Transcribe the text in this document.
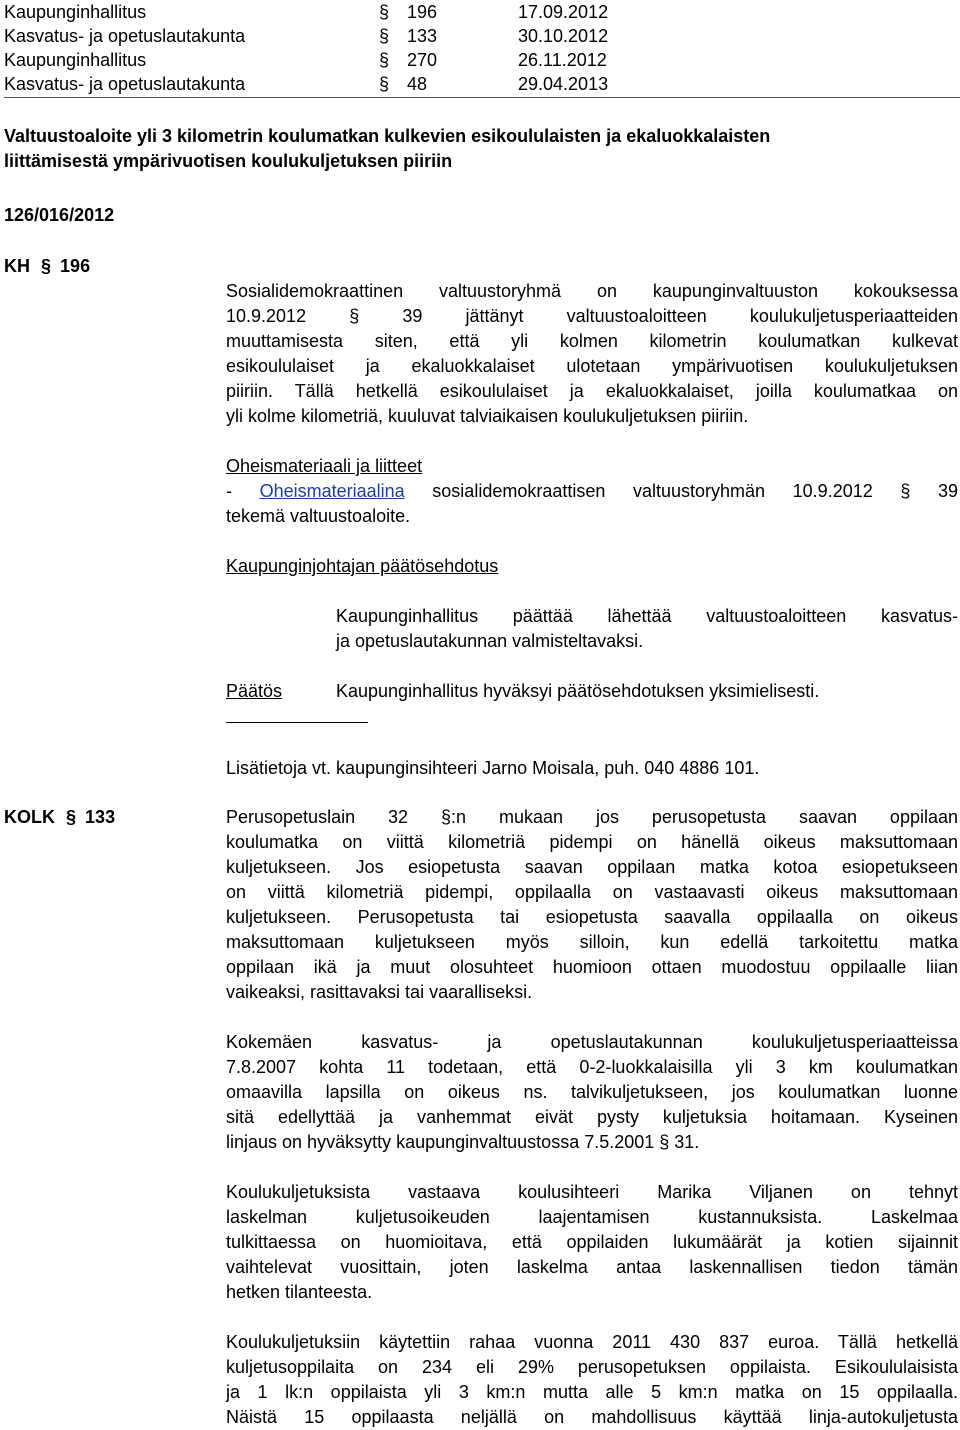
Kaupunginhallitus	§ 196	17.09.2012
Kasvatus- ja opetuslautakunta	§ 133	30.10.2012
Kaupunginhallitus	§ 270	26.11.2012
Kasvatus- ja opetuslautakunta	§ 48	29.04.2013
Valtuustoaloite yli 3 kilometrin koulumatkan kulkevien esikoululaisten ja ekaluokkalaisten
liittämisestä ympärivuotisen koulukuljetuksen piiriin
126/016/2012
KH § 196
Sosialidemokraattinen valtuustoryhmä on kaupunginvaltuuston kokouksessa
10.9.2012 § 39 jättänyt valtuustoaloitteen koulukuljetusperiaatteiden
muuttamisesta siten, että yli kolmen kilometrin koulumatkan kulkevat
esikoululaiset ja ekaluokkalaiset ulotetaan ympärivuotisen koulukuljetuksen
piiriin. Tällä hetkellä esikoululaiset ja ekaluokkalaiset, joilla koulumatkaa on
yli kolme kilometriä, kuuluvat talviaikaisen koulukuljetuksen piiriin.
Oheismateriaali ja liitteet
- Oheismateriaalina sosialidemokraattisen valtuustoryhmän 10.9.2012 § 39
tekemä valtuustoaloite.
Kaupunginjohtajan päätösehdotus
Kaupunginhallitus päättää lähettää valtuustoaloitteen kasvatus-
ja opetuslautakunnan valmisteltavaksi.
Päätös	Kaupunginhallitus hyväksyi päätösehdotuksen yksimielisesti.
Lisätietoja vt. kaupunginsihteeri Jarno Moisala, puh. 040 4886 101.
KOLK § 133	Perusopetuslain 32 §:n mukaan jos perusopetusta saavan oppilaan
koulumatka on viittä kilometriä pidempi on hänellä oikeus maksuttomaan
kuljetukseen. Jos esiopetusta saavan oppilaan matka kotoa esiopetukseen
on viittä kilometriä pidempi, oppilaalla on vastaavasti oikeus maksuttomaan
kuljetukseen. Perusopetusta tai esiopetusta saavalla oppilaalla on oikeus
maksuttomaan kuljetukseen myös silloin, kun edellä tarkoitettu matka
oppilaan ikä ja muut olosuhteet huomioon ottaen muodostuu oppilaalle liian
vaikeaksi, rasittavaksi tai vaaralliseksi.
Kokemäen kasvatus- ja opetuslautakunnan koulukuljetusperiaatteissa
7.8.2007 kohta 11 todetaan, että 0-2-luokkalaisilla yli 3 km koulumatkan
omaavilla lapsilla on oikeus ns. talvikuljetukseen, jos koulumatkan luonne
sitä edellyttää ja vanhemmat eivät pysty kuljetuksia hoitamaan. Kyseinen
linjaus on hyväksytty kaupunginvaltuustossa 7.5.2001 § 31.
Koulukuljetuksista vastaava koulusihteeri Marika Viljanen on tehnyt
laskelman kuljetusoikeuden laajentamisen kustannuksista. Laskelmaa
tulkittaessa on huomioitava, että oppilaiden lukumäärät ja kotien sijainnit
vaihtelevat vuosittain, joten laskelma antaa laskennallisen tiedon tämän
hetken tilanteesta.
Koulukuljetuksiin käytettiin rahaa vuonna 2011 430 837 euroa. Tällä hetkellä
kuljetusoppilaita on 234 eli 29% perusopetuksen oppilaista. Esikoululaisista
ja 1 lk:n oppilaista yli 3 km:n mutta alle 5 km:n matka on 15 oppilaalla.
Näistä 15 oppilaasta neljällä on mahdollisuus käyttää linja-autokuljetusta
